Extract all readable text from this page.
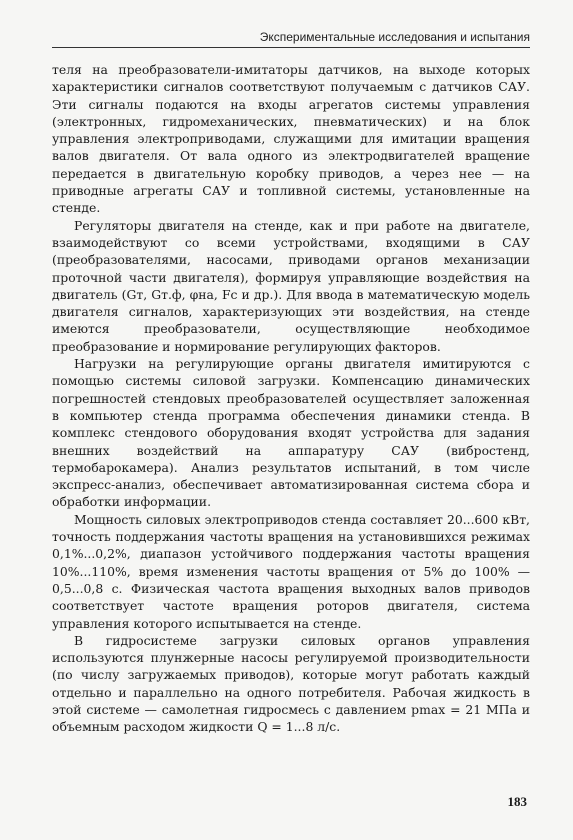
Экспериментальные исследования и испытания

теля на преобразователи-имитаторы датчиков, на выходе которых характеристики сигналов соответствуют получаемым с датчиков САУ. Эти сигналы подаются на входы агрегатов системы управления (электронных, гидромеханических, пневматических) и на блок управления электроприводами, служащими для имитации вращения валов двигателя. От вала одного из электродвигателей вращение передается в двигательную коробку приводов, а через нее — на приводные агрегаты САУ и топливной системы, установленные на стенде.

Регуляторы двигателя на стенде, как и при работе на двигателе, взаимодействуют со всеми устройствами, входящими в САУ (преобразователями, насосами, приводами органов механизации проточной части двигателя), формируя управляющие воздействия на двигатель (Gт, Gт.ф, φна, Fс и др.). Для ввода в математическую модель двигателя сигналов, характеризующих эти воздействия, на стенде имеются преобразователи, осуществляющие необходимое преобразование и нормирование регулирующих факторов.

Нагрузки на регулирующие органы двигателя имитируются с помощью системы силовой загрузки. Компенсацию динамических погрешностей стендовых преобразователей осуществляет заложенная в компьютер стенда программа обеспечения динамики стенда. В комплекс стендового оборудования входят устройства для задания внешних воздействий на аппаратуру САУ (вибростенд, термобарокамера). Анализ результатов испытаний, в том числе экспресс-анализ, обеспечивает автоматизированная система сбора и обработки информации.

Мощность силовых электроприводов стенда составляет 20...600 кВт, точность поддержания частоты вращения на установившихся режимах 0,1%...0,2%, диапазон устойчивого поддержания частоты вращения 10%...110%, время изменения частоты вращения от 5% до 100% — 0,5...0,8 с. Физическая частота вращения выходных валов приводов соответствует частоте вращения роторов двигателя, система управления которого испытывается на стенде.

В гидросистеме загрузки силовых органов управления используются плунжерные насосы регулируемой производительности (по числу загружаемых приводов), которые могут работать каждый отдельно и параллельно на одного потребителя. Рабочая жидкость в этой системе — самолетная гидросмесь с давлением pmax = 21 МПа и объемным расходом жидкости Q = 1...8 л/с.

183
